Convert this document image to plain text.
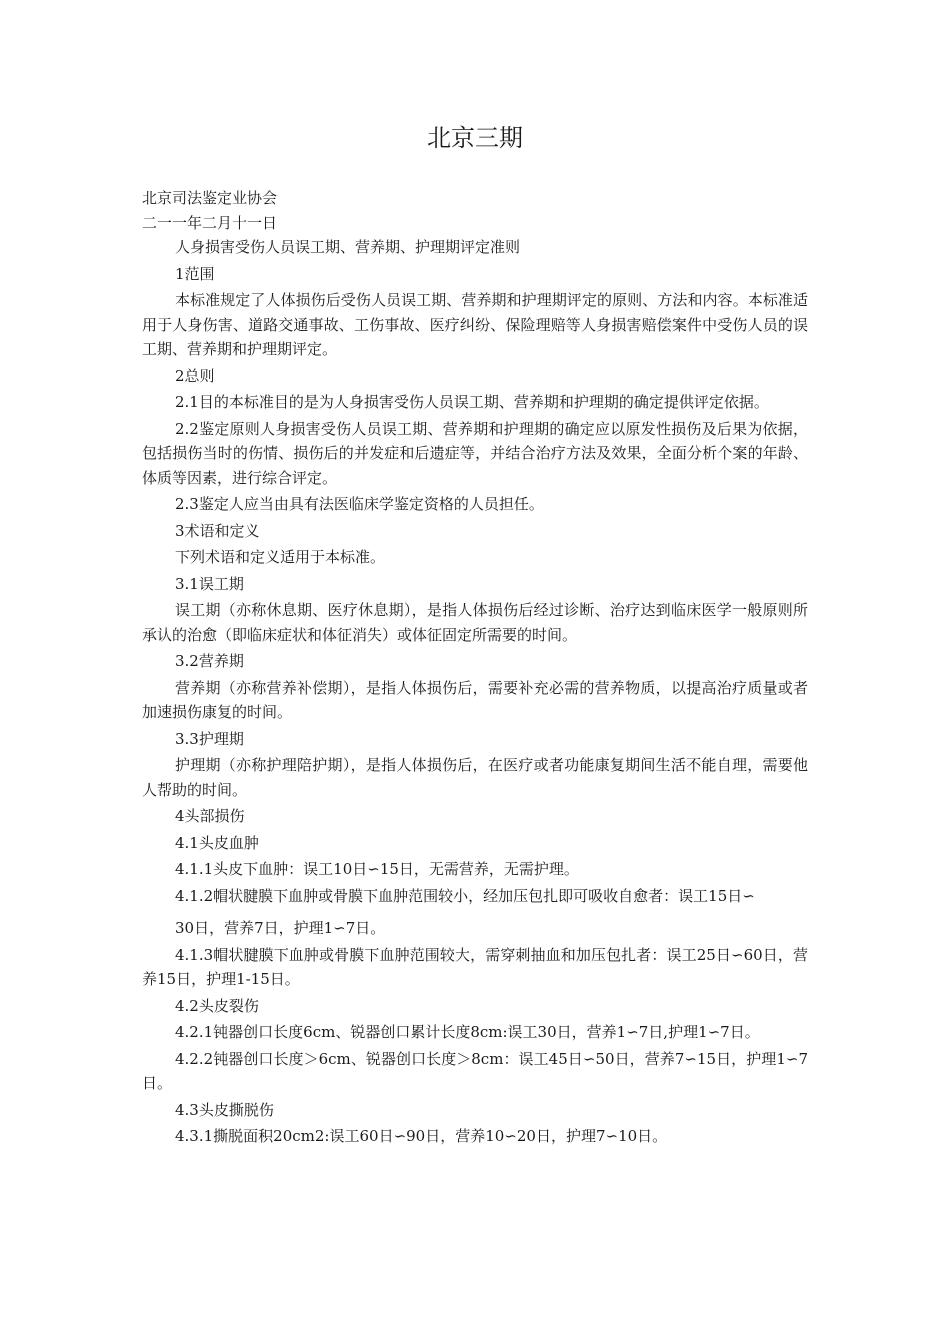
北京三期

北京司法鉴定业协会

二一一年二月十一日

人身损害受伤人员误工期、营养期、护理期评定准则

1范围

本标准规定了人体损伤后受伤人员误工期、营养期和护理期评定的原则、方法和内容。本标准适用于人身伤害、道路交通事故、工伤事故、医疗纠纷、保险理赔等人身损害赔偿案件中受伤人员的误工期、营养期和护理期评定。

2总则

2.1目的本标准目的是为人身损害受伤人员误工期、营养期和护理期的确定提供评定依据。

2.2鉴定原则人身损害受伤人员误工期、营养期和护理期的确定应以原发性损伤及后果为依据，包括损伤当时的伤情、损伤后的并发症和后遗症等，并结合治疗方法及效果，全面分析个案的年龄、体质等因素，进行综合评定。

2.3鉴定人应当由具有法医临床学鉴定资格的人员担任。

3术语和定义

下列术语和定义适用于本标准。

3.1误工期

误工期（亦称休息期、医疗休息期），是指人体损伤后经过诊断、治疗达到临床医学一般原则所承认的治愈（即临床症状和体征消失）或体征固定所需要的时间。

3.2营养期

营养期（亦称营养补偿期），是指人体损伤后，需要补充必需的营养物质，以提高治疗质量或者加速损伤康复的时间。

3.3护理期

护理期（亦称护理陪护期），是指人体损伤后，在医疗或者功能康复期间生活不能自理，需要他人帮助的时间。

4头部损伤

4.1头皮血肿

4.1.1头皮下血肿：误工10日∽15日，无需营养，无需护理。

4.1.2帽状腱膜下血肿或骨膜下血肿范围较小，经加压包扎即可吸收自愈者：误工15日∽

30日，营养7日，护理1∽7日。

4.1.3帽状腱膜下血肿或骨膜下血肿范围较大，需穿刺抽血和加压包扎者：误工25日∽60日，营养15日，护理1-15日。

4.2头皮裂伤

4.2.1钝器创口长度6cm、锐器创口累计长度8cm:误工30日，营养1∽7日,护理1∽7日。

4.2.2钝器创口长度＞6cm、锐器创口长度＞8cm：误工45日∽50日，营养7∽15日，护理1∽7日。

4.3头皮撕脱伤

4.3.1撕脱面积20cm2:误工60日∽90日，营养10∽20日，护理7∽10日。
